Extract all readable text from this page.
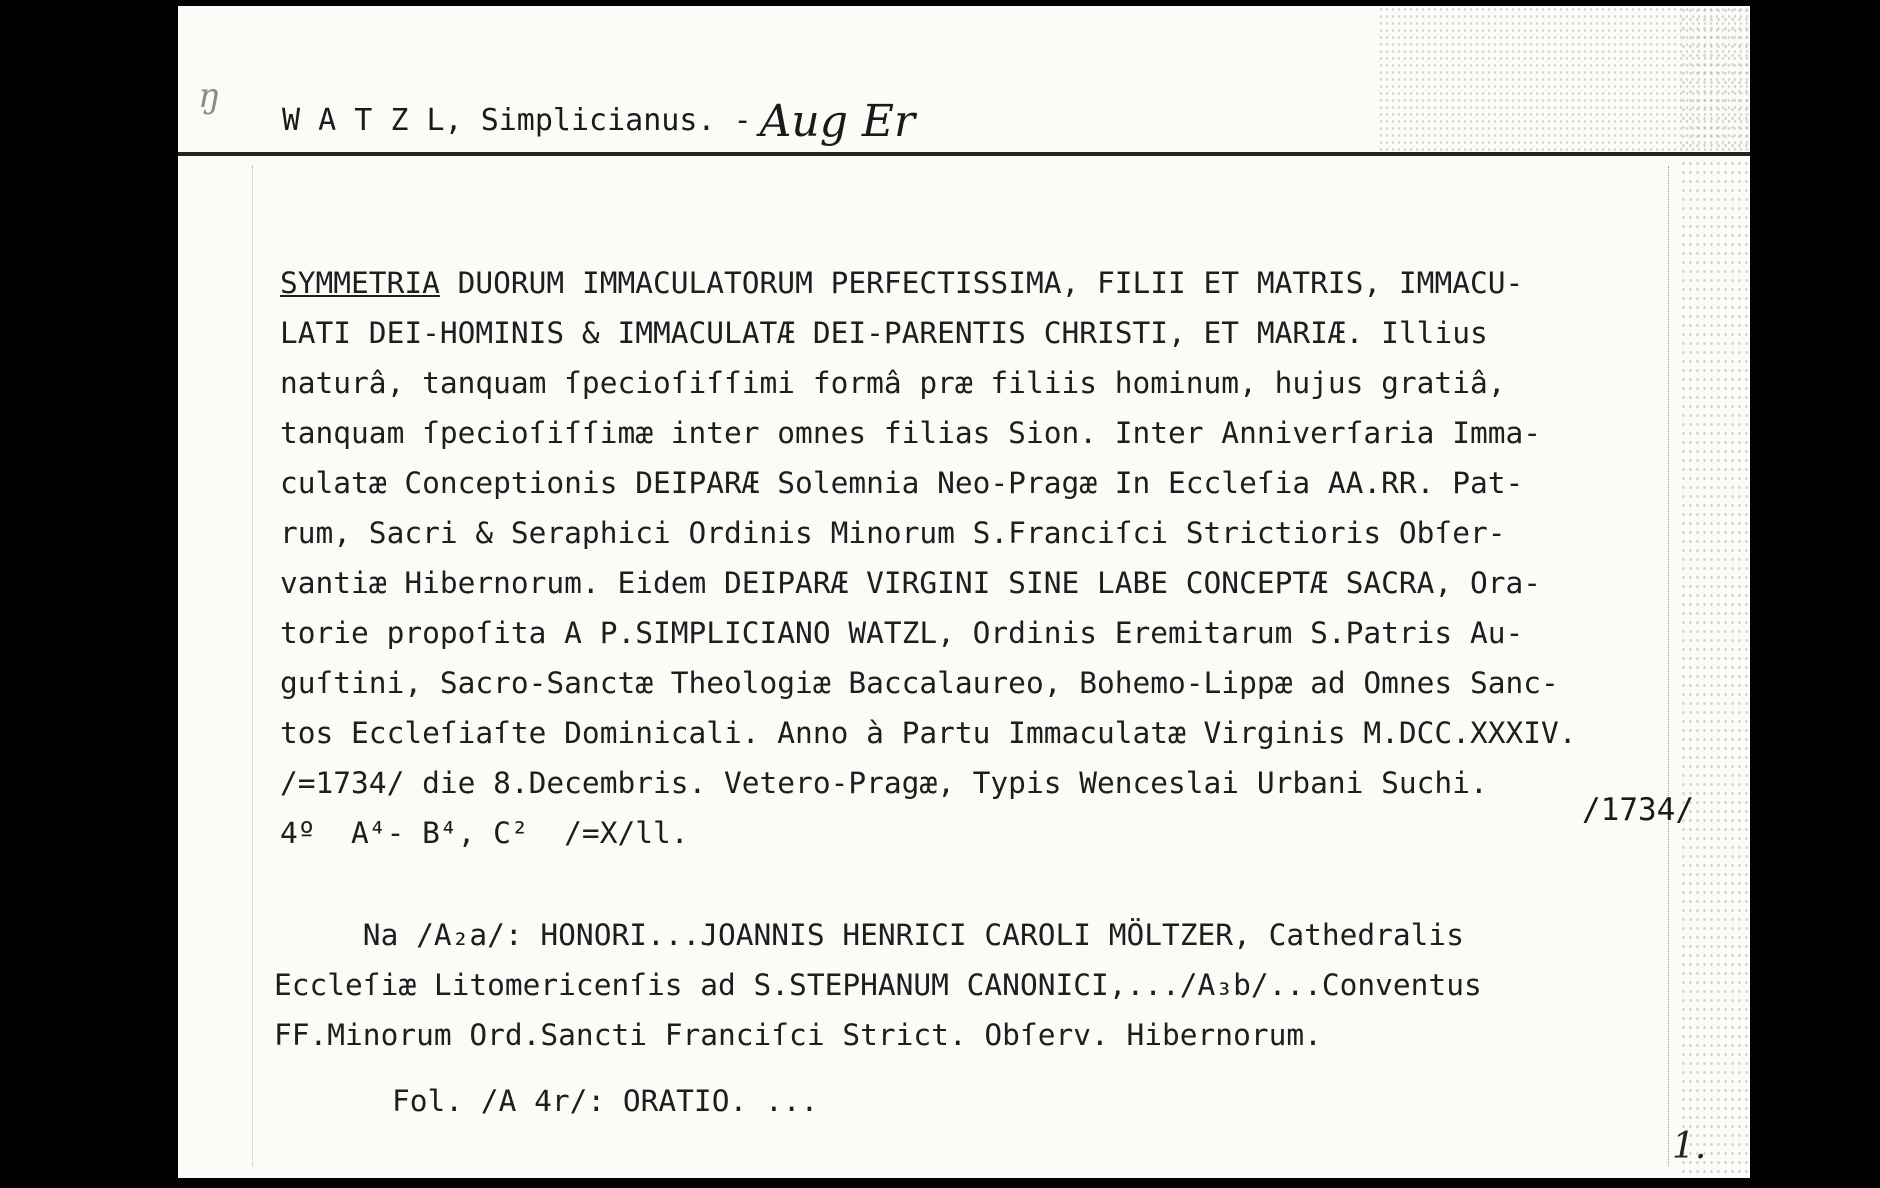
ŋ
W A T Z L, Simplicianus. - Aug Er
SYMMETRIA DUORUM IMMACULATORUM PERFECTISSIMA, FILII ET MATRIS, IMMACU-
LATI DEI-HOMINIS & IMMACULATÆ DEI-PARENTIS CHRISTI, ET MARIÆ. Illius
naturâ, tanquam ſpecioſiſſimi formâ præ filiis hominum, hujus gratiâ,
tanquam ſpecioſiſſimæ inter omnes filias Sion. Inter Anniverſaria Imma-
culatæ Conceptionis DEIPARÆ Solemnia Neo-Pragæ In Eccleſia AA.RR. Pat-
rum, Sacri & Seraphici Ordinis Minorum S.Franciſci Strictioris Obſer-
vantiæ Hibernorum. Eidem DEIPARÆ VIRGINI SINE LABE CONCEPTÆ SACRA, Ora-
torie propoſita A P.SIMPLICIANO WATZL, Ordinis Eremitarum S.Patris Au-
guſtini, Sacro-Sanctæ Theologiæ Baccalaureo, Bohemo-Lippæ ad Omnes Sanc-
tos Eccleſiaſte Dominicali. Anno à Partu Immaculatæ Virginis M.DCC.XXXIV.
/=1734/ die 8.Decembris. Vetero-Pragæ, Typis Wenceslai Urbani Suchi.
4º  A⁴- B⁴, C²  /=X/ll.
/1734/
Na /A₂a/: HONORI...JOANNIS HENRICI CAROLI MÖLTZER, Cathedralis
Eccleſiæ Litomericenſis ad S.STEPHANUM CANONICI,.../A₃b/...Conventus
FF.Minorum Ord.Sancti Franciſci Strict. Obſerv. Hibernorum.
Fol. /A 4r/: ORATIO. ...
1.
